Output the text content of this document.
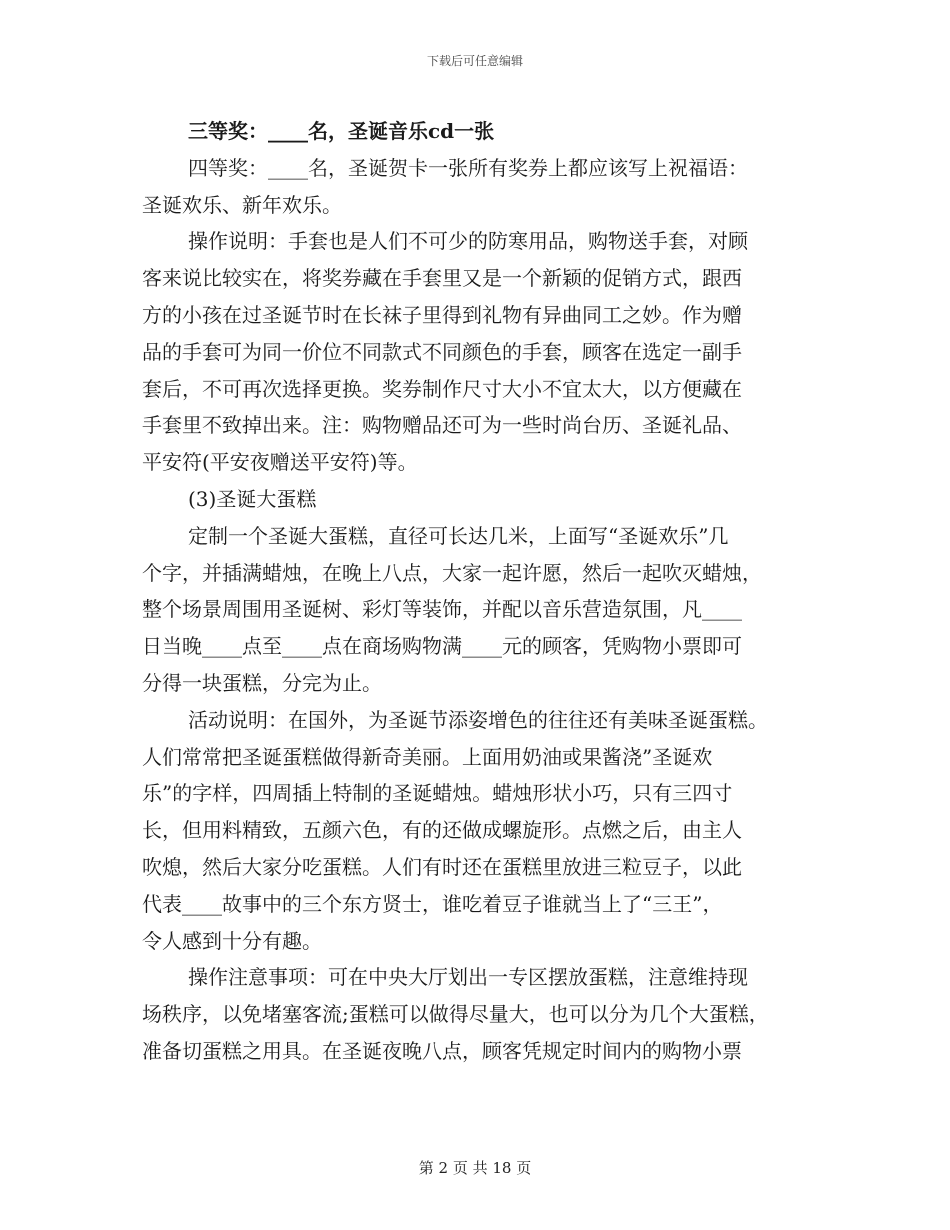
下载后可任意编辑
三等奖：____名，圣诞音乐cd一张
四等奖：____名，圣诞贺卡一张所有奖券上都应该写上祝福语：
圣诞欢乐、新年欢乐。
操作说明：手套也是人们不可少的防寒用品，购物送手套，对顾
客来说比较实在，将奖券藏在手套里又是一个新颖的促销方式，跟西
方的小孩在过圣诞节时在长袜子里得到礼物有异曲同工之妙。作为赠
品的手套可为同一价位不同款式不同颜色的手套，顾客在选定一副手
套后，不可再次选择更换。奖券制作尺寸大小不宜太大，以方便藏在
手套里不致掉出来。注：购物赠品还可为一些时尚台历、圣诞礼品、
平安符(平安夜赠送平安符)等。
(3)圣诞大蛋糕
定制一个圣诞大蛋糕，直径可长达几米，上面写“圣诞欢乐”几
个字，并插满蜡烛，在晚上八点，大家一起许愿，然后一起吹灭蜡烛，
整个场景周围用圣诞树、彩灯等装饰，并配以音乐营造氛围，凡____
日当晚____点至____点在商场购物满____元的顾客，凭购物小票即可
分得一块蛋糕，分完为止。
活动说明：在国外，为圣诞节添姿增色的往往还有美味圣诞蛋糕。
人们常常把圣诞蛋糕做得新奇美丽。上面用奶油或果酱浇”圣诞欢
乐”的字样，四周插上特制的圣诞蜡烛。蜡烛形状小巧，只有三四寸
长，但用料精致，五颜六色，有的还做成螺旋形。点燃之后，由主人
吹熄，然后大家分吃蛋糕。人们有时还在蛋糕里放进三粒豆子，以此
代表____故事中的三个东方贤士，谁吃着豆子谁就当上了“三王”，
令人感到十分有趣。
操作注意事项：可在中央大厅划出一专区摆放蛋糕，注意维持现
场秩序，以免堵塞客流;蛋糕可以做得尽量大，也可以分为几个大蛋糕，
准备切蛋糕之用具。在圣诞夜晚八点，顾客凭规定时间内的购物小票
第 2 页 共 18 页
